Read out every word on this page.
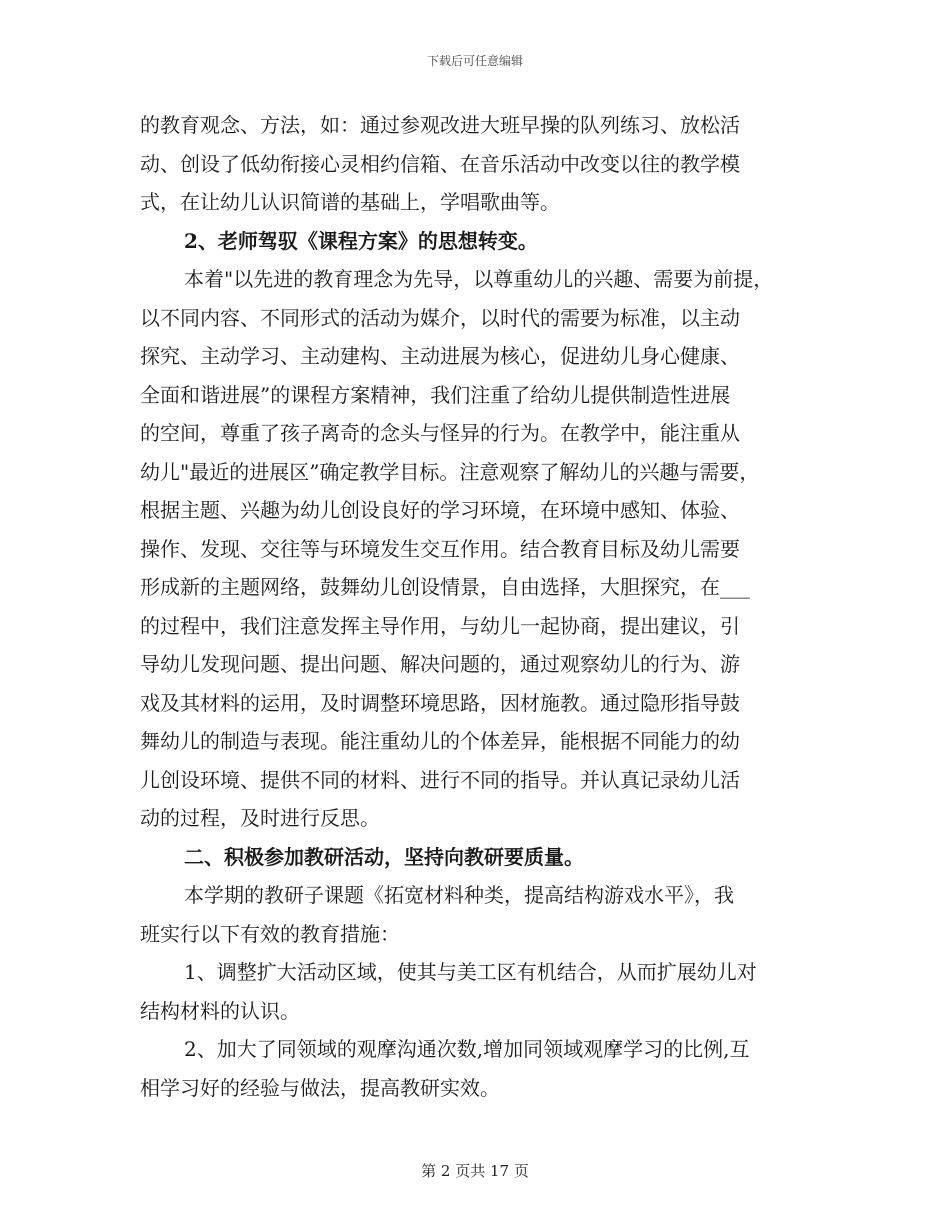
下载后可任意编辑
的教育观念、方法，如：通过参观改进大班早操的队列练习、放松活
动、创设了低幼衔接心灵相约信箱、在音乐活动中改变以往的教学模
式，在让幼儿认识简谱的基础上，学唱歌曲等。
2、老师驾驭《课程方案》的思想转变。
本着"以先进的教育理念为先导，以尊重幼儿的兴趣、需要为前提，
以不同内容、不同形式的活动为媒介，以时代的需要为标准，以主动
探究、主动学习、主动建构、主动进展为核心，促进幼儿身心健康、
全面和谐进展”的课程方案精神，我们注重了给幼儿提供制造性进展
的空间，尊重了孩子离奇的念头与怪异的行为。在教学中，能注重从
幼儿"最近的进展区”确定教学目标。注意观察了解幼儿的兴趣与需要，
根据主题、兴趣为幼儿创设良好的学习环境，在环境中感知、体验、
操作、发现、交往等与环境发生交互作用。结合教育目标及幼儿需要
形成新的主题网络，鼓舞幼儿创设情景，自由选择，大胆探究，在___
的过程中，我们注意发挥主导作用，与幼儿一起协商，提出建议，引
导幼儿发现问题、提出问题、解决问题的，通过观察幼儿的行为、游
戏及其材料的运用，及时调整环境思路，因材施教。通过隐形指导鼓
舞幼儿的制造与表现。能注重幼儿的个体差异，能根据不同能力的幼
儿创设环境、提供不同的材料、进行不同的指导。并认真记录幼儿活
动的过程，及时进行反思。
二、积极参加教研活动，坚持向教研要质量。
本学期的教研子课题《拓宽材料种类，提高结构游戏水平》，我
班实行以下有效的教育措施：
1、调整扩大活动区域，使其与美工区有机结合，从而扩展幼儿对
结构材料的认识。
2、加大了同领域的观摩沟通次数,增加同领域观摩学习的比例,互
相学习好的经验与做法，提高教研实效。
第 2 页共 17 页
